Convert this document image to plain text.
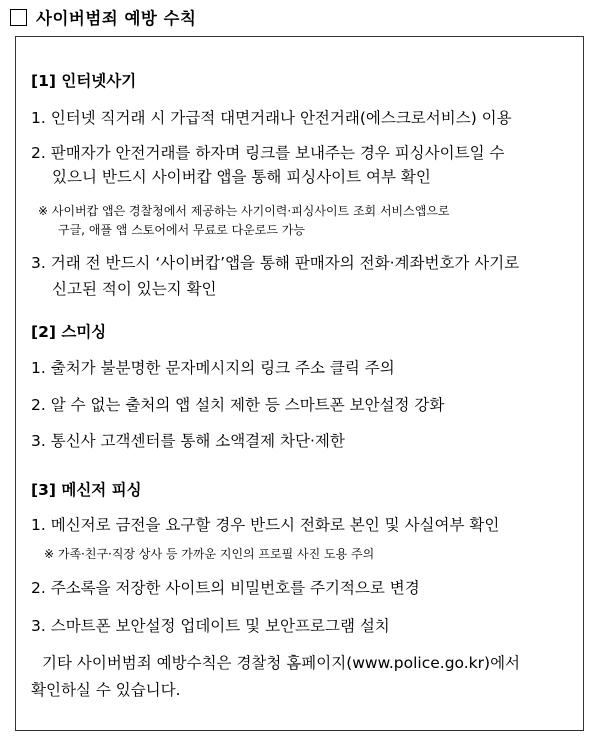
사이버범죄 예방 수칙
[1] 인터넷사기
1. 인터넷 직거래 시 가급적 대면거래나 안전거래(에스크로서비스) 이용
2. 판매자가 안전거래를 하자며 링크를 보내주는 경우 피싱사이트일 수
있으니 반드시 사이버캅 앱을 통해 피싱사이트 여부 확인
※ 사이버캅 앱은 경찰청에서 제공하는 사기이력·피싱사이트 조회 서비스앱으로
구글, 애플 앱 스토어에서 무료로 다운로드 가능
3. 거래 전 반드시 ‘사이버캅’앱을 통해 판매자의 전화·계좌번호가 사기로
신고된 적이 있는지 확인
[2] 스미싱
1. 출처가 불분명한 문자메시지의 링크 주소 클릭 주의
2. 알 수 없는 출처의 앱 설치 제한 등 스마트폰 보안설정 강화
3. 통신사 고객센터를 통해 소액결제 차단·제한
[3] 메신저 피싱
1. 메신저로 금전을 요구할 경우 반드시 전화로 본인 및 사실여부 확인
※ 가족·친구·직장 상사 등 가까운 지인의 프로필 사진 도용 주의
2. 주소록을 저장한 사이트의 비밀번호를 주기적으로 변경
3. 스마트폰 보안설정 업데이트 및 보안프로그램 설치
기타 사이버범죄 예방수칙은 경찰청 홈페이지(www.police.go.kr)에서
확인하실 수 있습니다.
